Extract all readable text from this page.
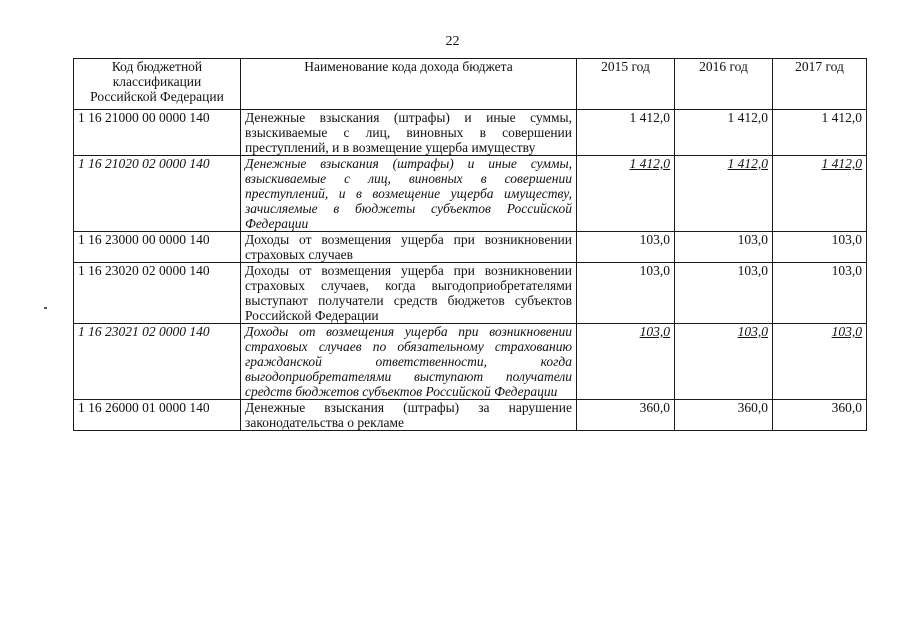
22
Код бюджетной классификации Российской Федерации	Наименование кода дохода бюджета	2015 год	2016 год	2017 год
1 16 21000 00 0000 140	Денежные взыскания (штрафы) и иные суммы, взыскиваемые с лиц, виновных в совершении преступлений, и в возмещение ущерба имуществу	1 412,0	1 412,0	1 412,0
1 16 21020 02 0000 140	Денежные взыскания (штрафы) и иные суммы, взыскиваемые с лиц, виновных в совершении преступлений, и в возмещение ущерба имуществу, зачисляемые в бюджеты субъектов Российской Федерации	1 412,0	1 412,0	1 412,0
1 16 23000 00 0000 140	Доходы от возмещения ущерба при возникновении страховых случаев	103,0	103,0	103,0
1 16 23020 02 0000 140	Доходы от возмещения ущерба при возникновении страховых случаев, когда выгодоприобретателями выступают получатели средств бюджетов субъектов Российской Федерации	103,0	103,0	103,0
1 16 23021 02 0000 140	Доходы от возмещения ущерба при возникновении страховых случаев по обязательному страхованию гражданской ответственности, когда выгодоприобретателями выступают получатели средств бюджетов субъектов Российской Федерации	103,0	103,0	103,0
1 16 26000 01 0000 140	Денежные взыскания (штрафы) за нарушение законодательства о рекламе	360,0	360,0	360,0
